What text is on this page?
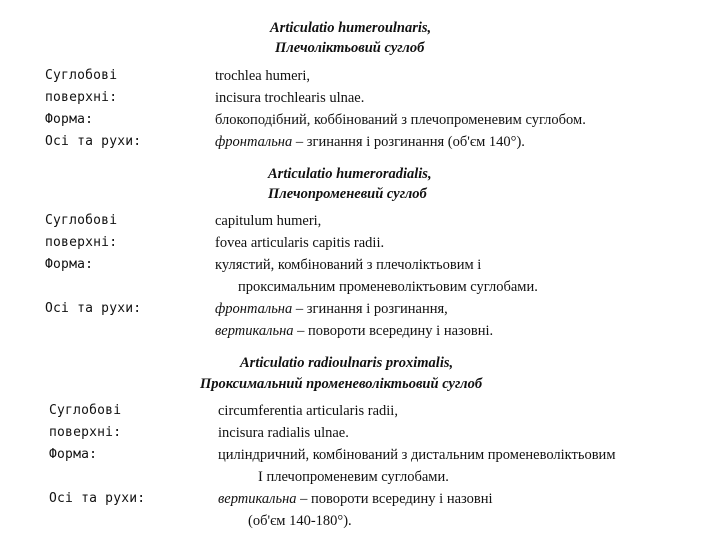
Articulatio humeroulnaris,
Плечоліктьовий суглоб
Суглобові
поверхні:
Форма:
Осі та рухи:
trochlea humeri,
incisura trochlearis ulnae.
блокоподібний, коббінований з плечопроменевим суглобом.
фронтальна – згинання і розгинання (об'єм 140°).
Articulatio humeroradialis,
Плечопроменевий суглоб
Суглобові
поверхні:
Форма:
Осі та рухи:
capitulum humeri,
fovea articularis capitis radii.
кулястий, комбінований з плечоліктьовим і
проксимальним променеволіктьовим суглобами.
фронтальна – згинання і розгинання,
вертикальна – повороти всередину і назовні.
Articulatio radioulnaris proximalis,
Проксимальний променеволіктьовий суглоб
Суглобові
поверхні:
Форма:
Осі та рухи:
circumferentia articularis radii,
incisura radialis ulnae.
циліндричний, комбінований з дистальним променеволіктьовим
І плечопроменевим суглобами.
вертикальна – повороти всередину і назовні
(об'єм 140-180°).
